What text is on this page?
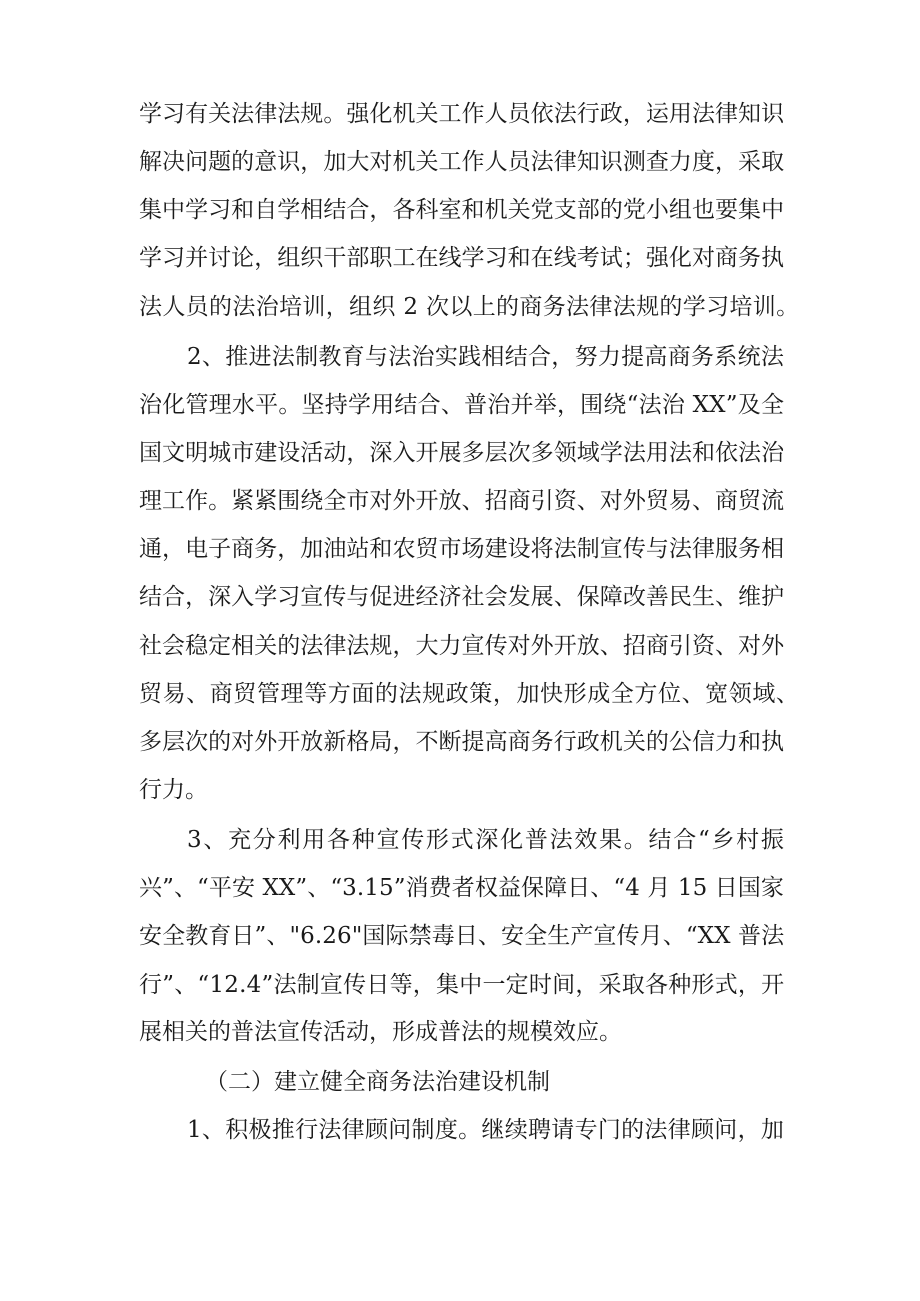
学习有关法律法规。强化机关工作人员依法行政，运用法律知识
解决问题的意识，加大对机关工作人员法律知识测查力度，采取
集中学习和自学相结合，各科室和机关党支部的党小组也要集中
学习并讨论，组织干部职工在线学习和在线考试；强化对商务执
法人员的法治培训，组织 2 次以上的商务法律法规的学习培训。
2、推进法制教育与法治实践相结合，努力提高商务系统法
治化管理水平。坚持学用结合、普治并举，围绕“法治 XX”及全
国文明城市建设活动，深入开展多层次多领域学法用法和依法治
理工作。紧紧围绕全市对外开放、招商引资、对外贸易、商贸流
通，电子商务，加油站和农贸市场建设将法制宣传与法律服务相
结合，深入学习宣传与促进经济社会发展、保障改善民生、维护
社会稳定相关的法律法规，大力宣传对外开放、招商引资、对外
贸易、商贸管理等方面的法规政策，加快形成全方位、宽领域、
多层次的对外开放新格局，不断提高商务行政机关的公信力和执
行力。
3、充分利用各种宣传形式深化普法效果。结合“乡村振
兴”、“平安 XX”、“3.15”消费者权益保障日、“4 月 15 日国家
安全教育日”、"6.26"国际禁毒日、安全生产宣传月、“XX 普法
行”、“12.4”法制宣传日等，集中一定时间，采取各种形式，开
展相关的普法宣传活动，形成普法的规模效应。
（二）建立健全商务法治建设机制
1、积极推行法律顾问制度。继续聘请专门的法律顾问，加
